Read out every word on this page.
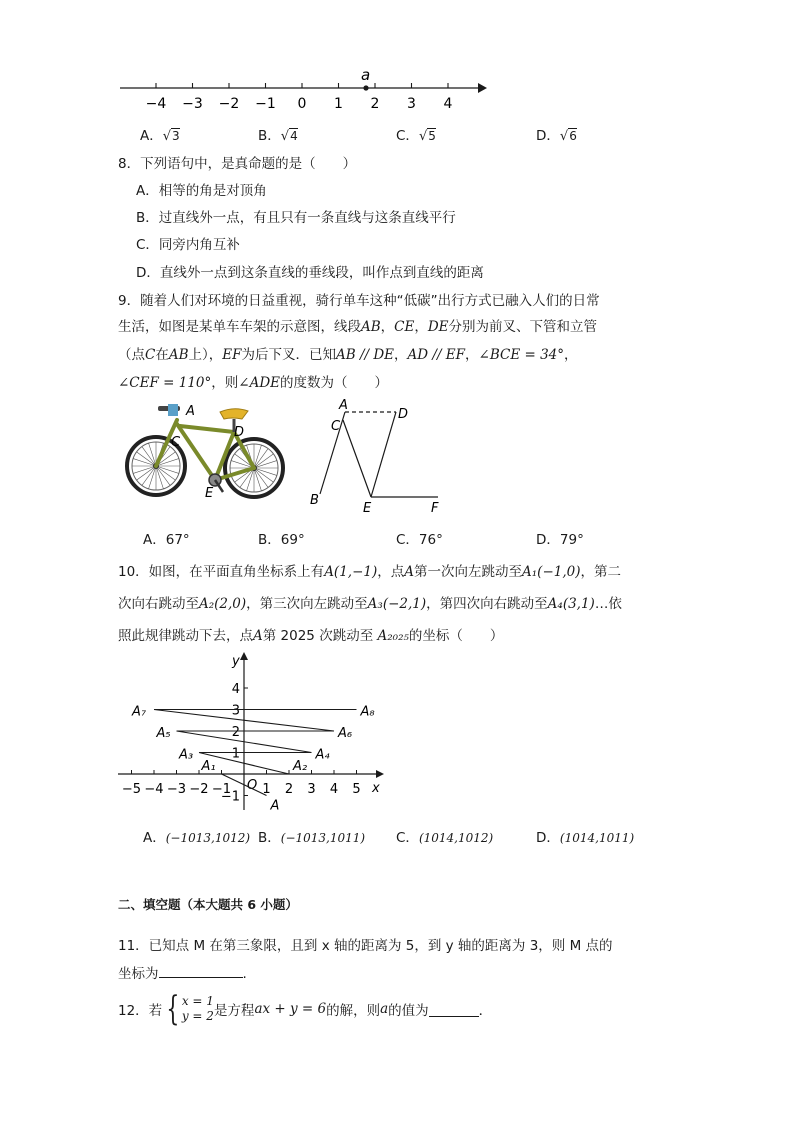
a
−4 −3 −2 −1 0 1 2 3 4
A．√3	B．√4	C．√5	D．√6
8．下列语句中，是真命题的是（　　）
A．相等的角是对顶角
B．过直线外一点，有且只有一条直线与这条直线平行
C．同旁内角互补
D．直线外一点到这条直线的垂线段，叫作点到直线的距离
9．随着人们对环境的日益重视，骑行单车这种“低碳”出行方式已融入人们的日常
生活，如图是某单车车架的示意图，线段AB，CE，DE分别为前叉、下管和立管
（点C在AB上），EF为后下叉．已知AB // DE，AD // EF，∠BCE = 34°，
∠CEF = 110°，则∠ADE的度数为（　　）
A
C
D
E
A
C
D
B
E	F
A．67°	B．69°	C．76°	D．79°
10．如图，在平面直角坐标系上有A(1,−1)，点A第一次向左跳动至A₁(−1,0)，第二
次向右跳动至A₂(2,0)，第三次向左跳动至A₃(−2,1)，第四次向右跳动至A₄(3,1)…依
照此规律跳动下去，点A第 2025 次跳动至 A₂₀₂₅的坐标（　　）
x
y
O
−5 −4 −3 −2 −1 1 2 3 4 5
4
3
2
1
−1
A₁	A₂
A₃	A₄
A₅	A₆
A₇	A₈
A
A．(−1013,1012) B．(−1013,1011) C．(1014,1012)	D．(1014,1011)
二、填空题（本大题共 6 小题）
11．已知点 M 在第三象限，且到 x 轴的距离为 5，到 y 轴的距离为 3，则 M 点的
坐标为	.
12．若 { x = 1
y = 2 是方程 ax + y = 6 的解，则 a 的值为	．
